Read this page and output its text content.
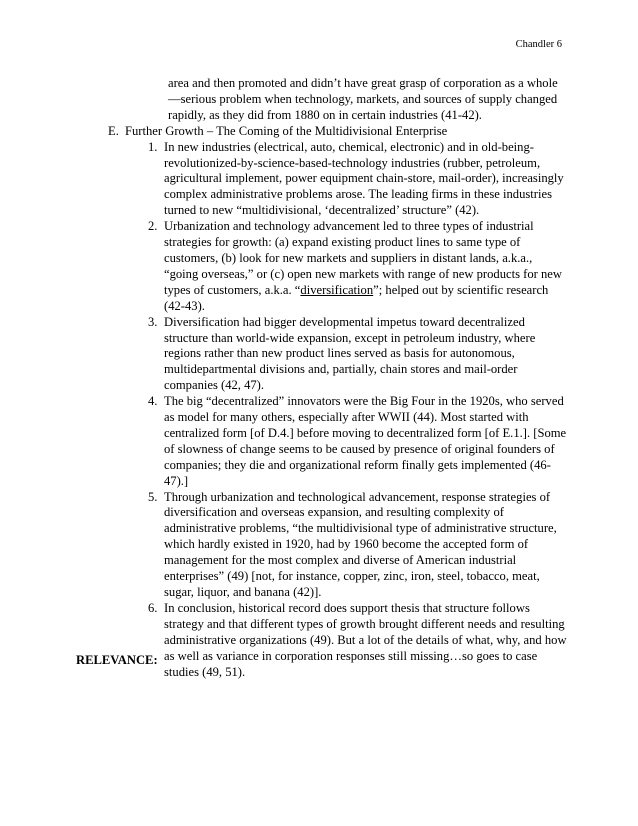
Chandler 6
area and then promoted and didn’t have great grasp of corporation as a whole —serious problem when technology, markets, and sources of supply changed rapidly, as they did from 1880 on in certain industries (41-42).
E. Further Growth – The Coming of the Multidivisional Enterprise
1. In new industries (electrical, auto, chemical, electronic) and in old-being-revolutionized-by-science-based-technology industries (rubber, petroleum, agricultural implement, power equipment chain-store, mail-order), increasingly complex administrative problems arose. The leading firms in these industries turned to new “multidivisional, ‘decentralized’ structure” (42).
2. Urbanization and technology advancement led to three types of industrial strategies for growth: (a) expand existing product lines to same type of customers, (b) look for new markets and suppliers in distant lands, a.k.a., “going overseas,” or (c) open new markets with range of new products for new types of customers, a.k.a. “diversification”; helped out by scientific research (42-43).
3. Diversification had bigger developmental impetus toward decentralized structure than world-wide expansion, except in petroleum industry, where regions rather than new product lines served as basis for autonomous, multidepartmental divisions and, partially, chain stores and mail-order companies (42, 47).
4. The big “decentralized” innovators were the Big Four in the 1920s, who served as model for many others, especially after WWII (44). Most started with centralized form [of D.4.] before moving to decentralized form [of E.1.]. [Some of slowness of change seems to be caused by presence of original founders of companies; they die and organizational reform finally gets implemented (46-47).]
5. Through urbanization and technological advancement, response strategies of diversification and overseas expansion, and resulting complexity of administrative problems, “the multidivisional type of administrative structure, which hardly existed in 1920, had by 1960 become the accepted form of management for the most complex and diverse of American industrial enterprises” (49) [not, for instance, copper, zinc, iron, steel, tobacco, meat, sugar, liquor, and banana (42)].
6. In conclusion, historical record does support thesis that structure follows strategy and that different types of growth brought different needs and resulting administrative organizations (49). But a lot of the details of what, why, and how as well as variance in corporation responses still missing…so goes to case studies (49, 51).
RELEVANCE:
